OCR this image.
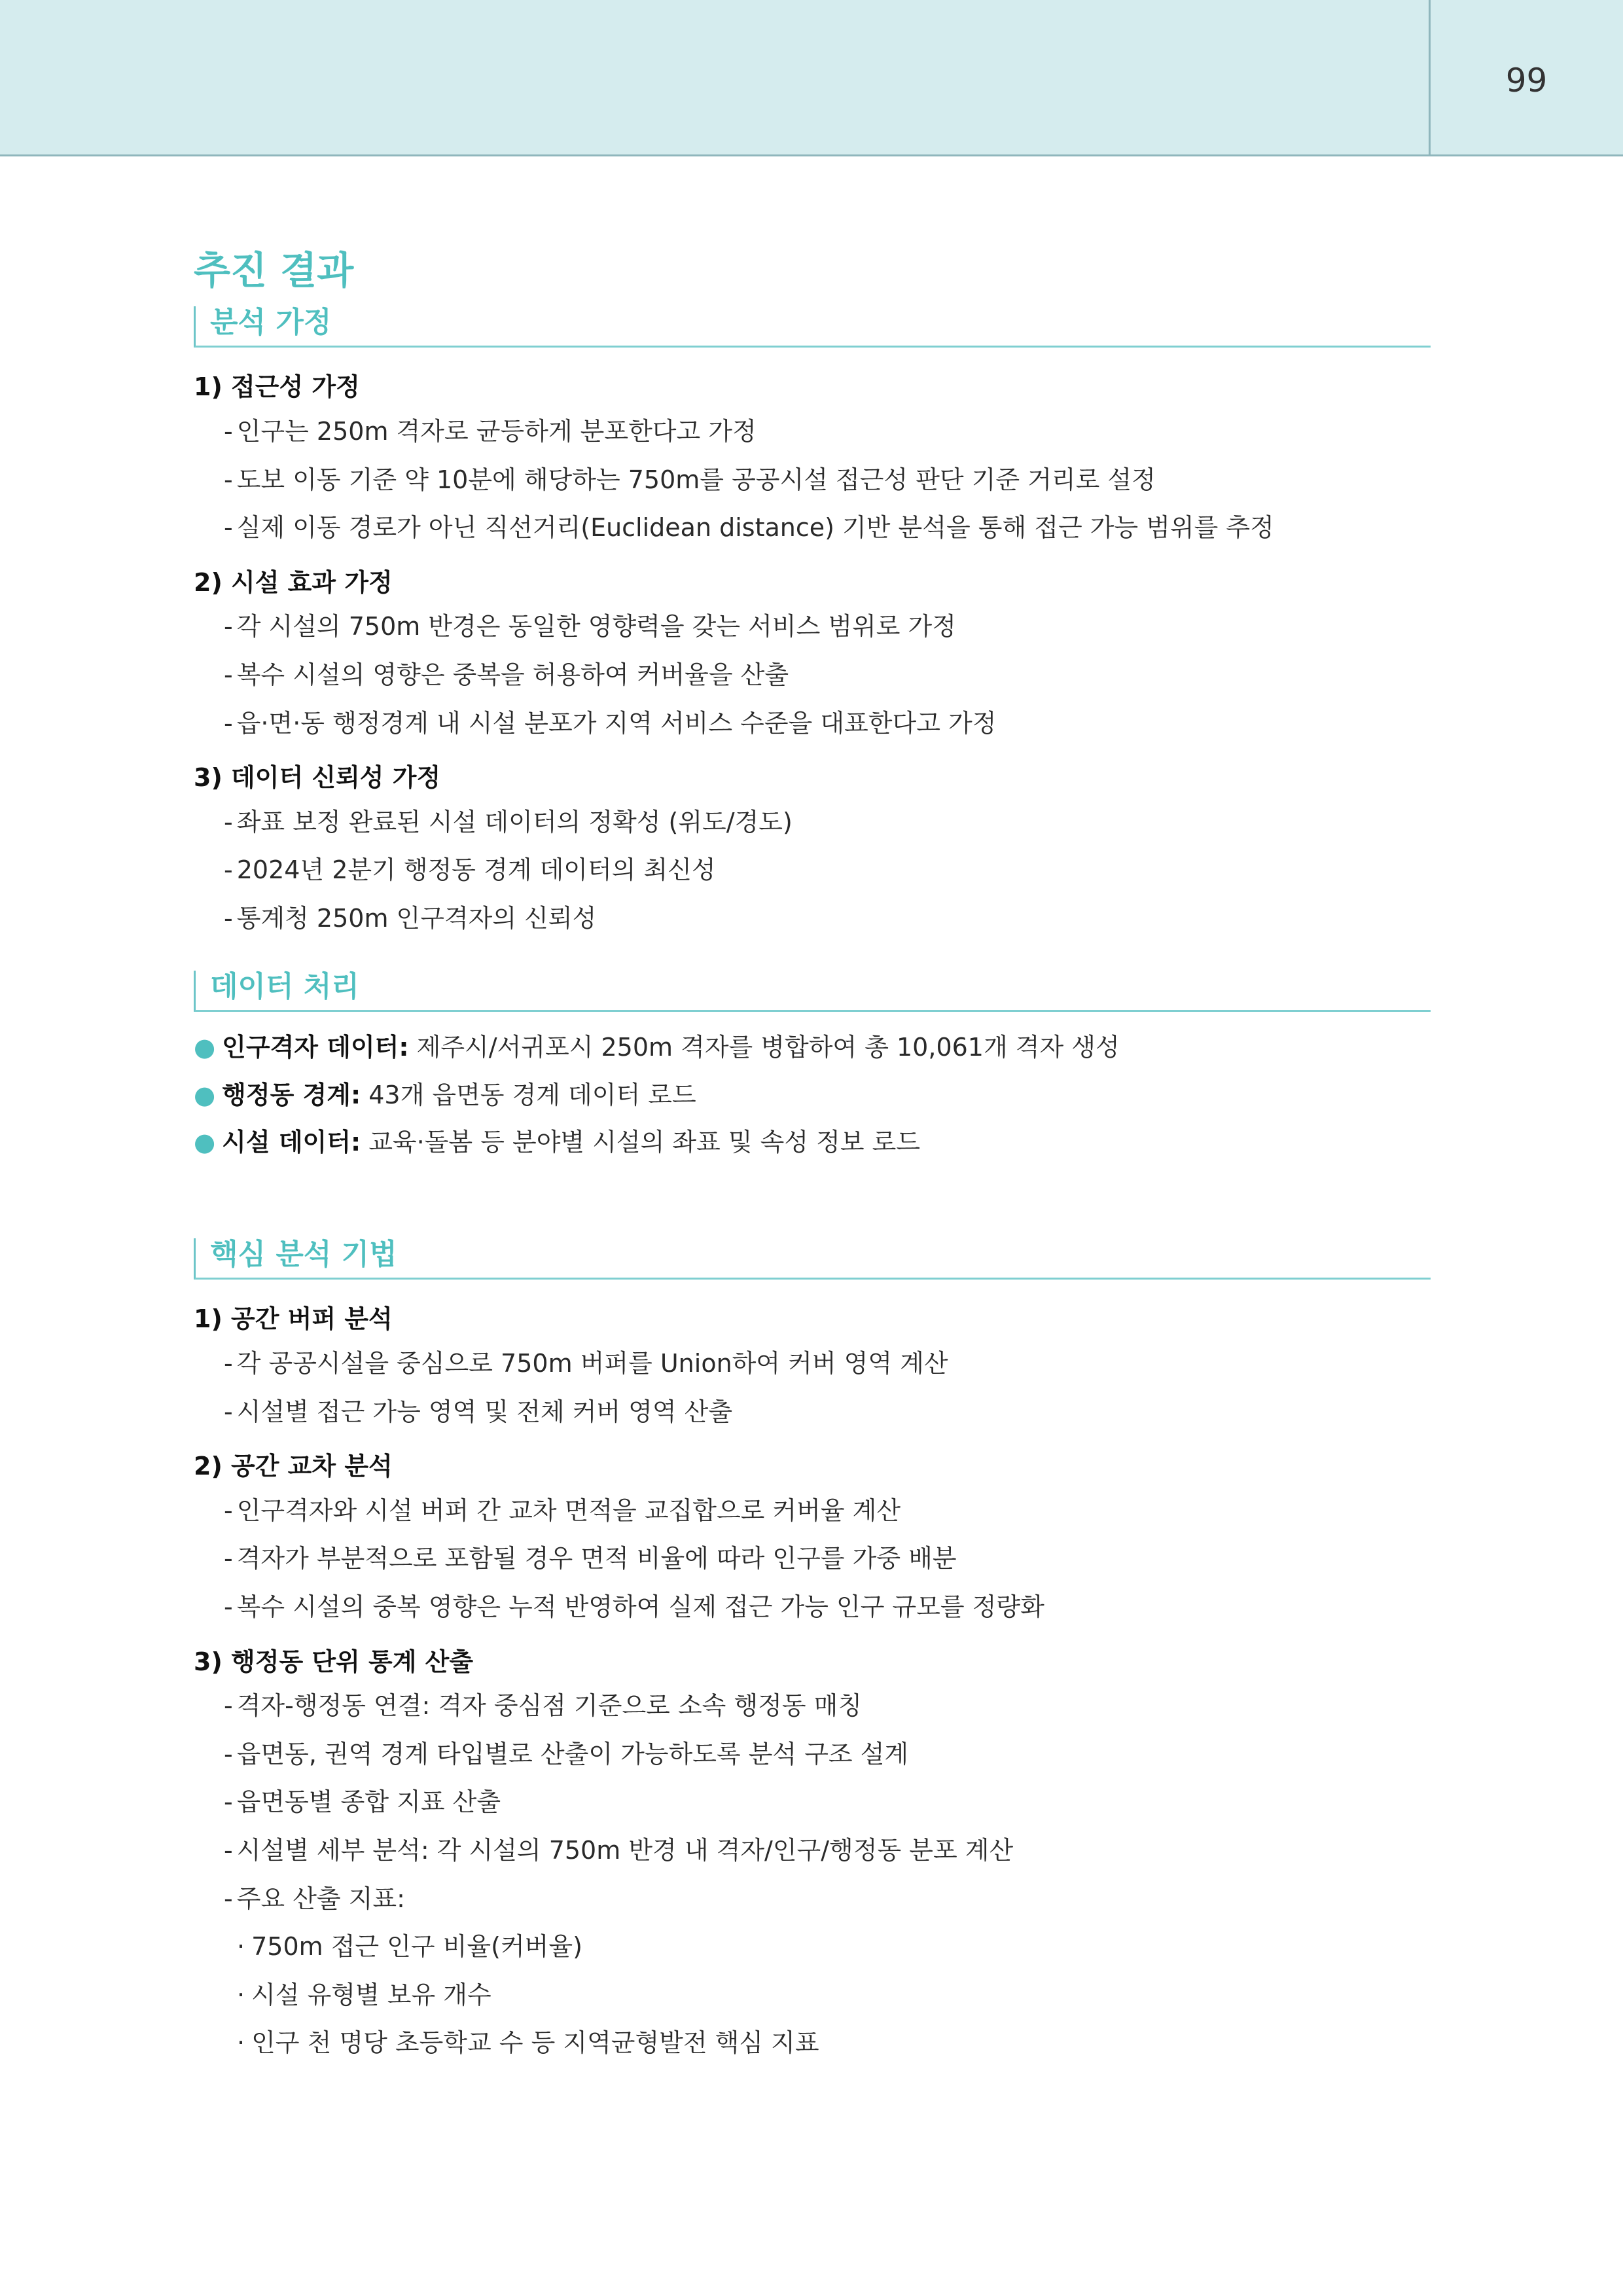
99
추진 결과
분석 가정
1) 접근성 가정
- 인구는 250m 격자로 균등하게 분포한다고 가정
- 도보 이동 기준 약 10분에 해당하는 750m를 공공시설 접근성 판단 기준 거리로 설정
- 실제 이동 경로가 아닌 직선거리(Euclidean distance) 기반 분석을 통해 접근 가능 범위를 추정
2) 시설 효과 가정
- 각 시설의 750m 반경은 동일한 영향력을 갖는 서비스 범위로 가정
- 복수 시설의 영향은 중복을 허용하여 커버율을 산출
- 읍·면·동 행정경계 내 시설 분포가 지역 서비스 수준을 대표한다고 가정
3) 데이터 신뢰성 가정
- 좌표 보정 완료된 시설 데이터의 정확성 (위도/경도)
- 2024년 2분기 행정동 경계 데이터의 최신성
- 통계청 250m 인구격자의 신뢰성
데이터 처리
● 인구격자 데이터: 제주시/서귀포시 250m 격자를 병합하여 총 10,061개 격자 생성
● 행정동 경계: 43개 읍면동 경계 데이터 로드
● 시설 데이터: 교육·돌봄 등 분야별 시설의 좌표 및 속성 정보 로드
핵심 분석 기법
1) 공간 버퍼 분석
- 각 공공시설을 중심으로 750m 버퍼를 Union하여 커버 영역 계산
- 시설별 접근 가능 영역 및 전체 커버 영역 산출
2) 공간 교차 분석
- 인구격자와 시설 버퍼 간 교차 면적을 교집합으로 커버율 계산
- 격자가 부분적으로 포함될 경우 면적 비율에 따라 인구를 가중 배분
- 복수 시설의 중복 영향은 누적 반영하여 실제 접근 가능 인구 규모를 정량화
3) 행정동 단위 통계 산출
- 격자-행정동 연결: 격자 중심점 기준으로 소속 행정동 매칭
- 읍면동, 권역 경계 타입별로 산출이 가능하도록 분석 구조 설계
- 읍면동별 종합 지표 산출
- 시설별 세부 분석: 각 시설의 750m 반경 내 격자/인구/행정동 분포 계산
- 주요 산출 지표:
· 750m 접근 인구 비율(커버율)
· 시설 유형별 보유 개수
· 인구 천 명당 초등학교 수 등 지역균형발전 핵심 지표
